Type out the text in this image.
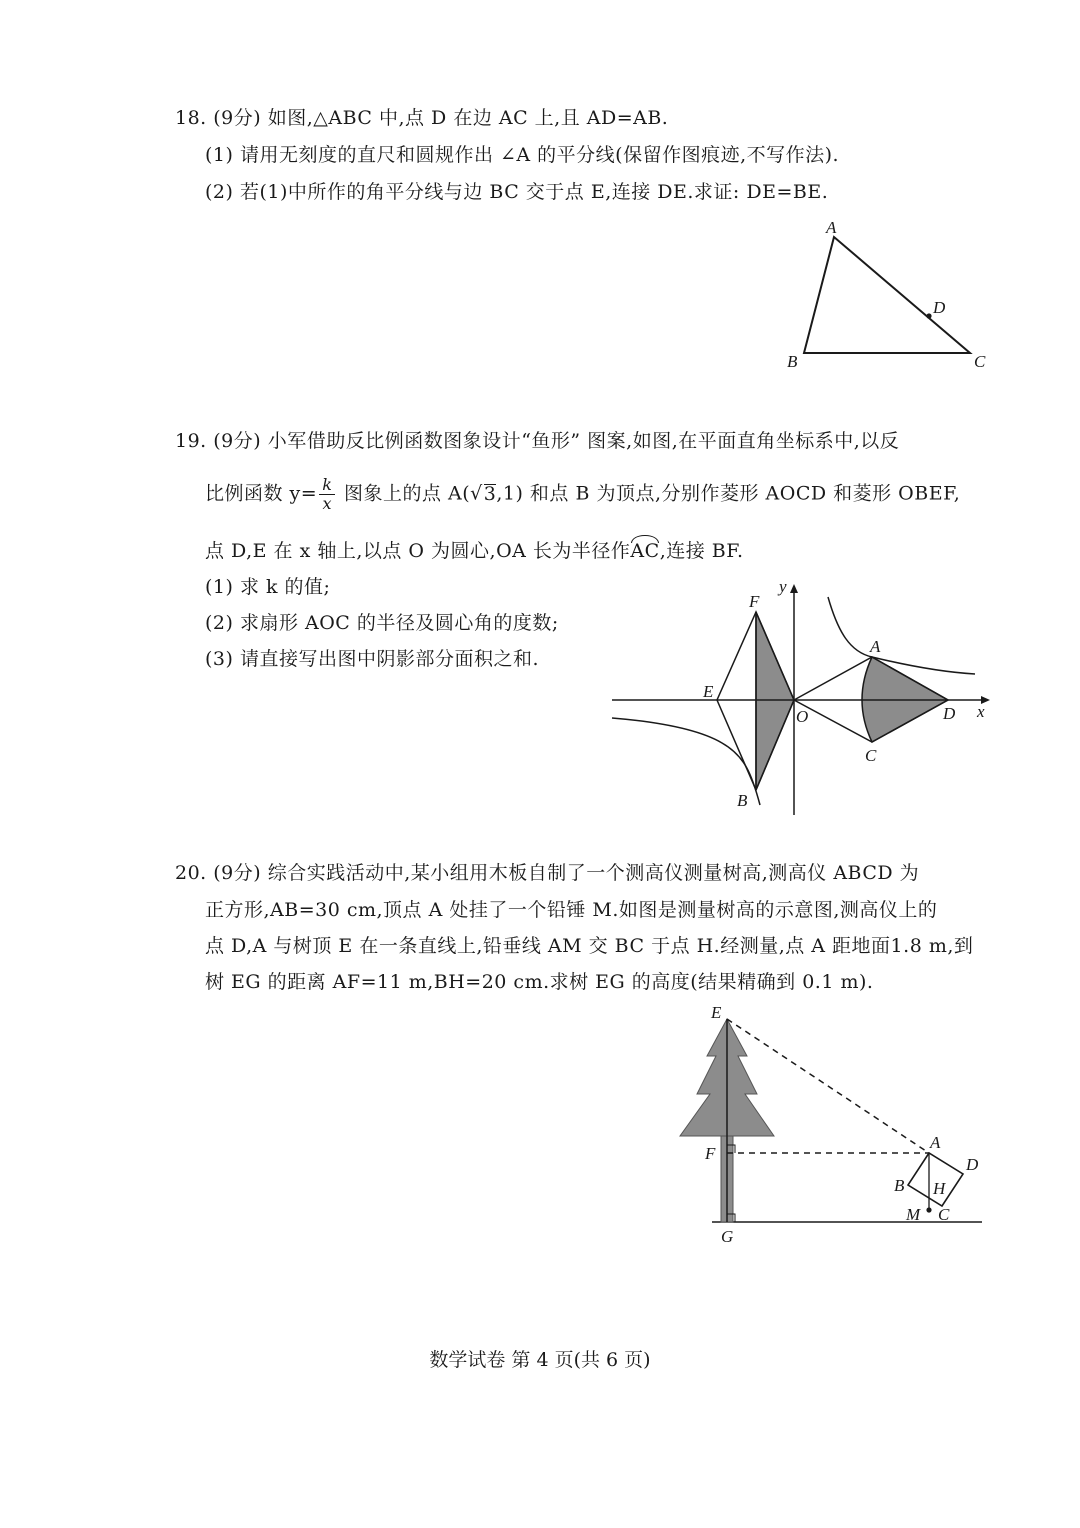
18. (9分) 如图,△ABC 中,点 D 在边 AC 上,且 AD=AB.
(1) 请用无刻度的直尺和圆规作出 ∠A 的平分线(保留作图痕迹,不写作法).
(2) 若(1)中所作的角平分线与边 BC 交于点 E,连接 DE.求证: DE=BE.
A
B	C
D
19. (9分) 小军借助反比例函数图象设计“鱼形” 图案,如图,在平面直角坐标系中,以反
比例函数 $y= \frac{k}{x}$ 图象上的点 A(√3,1) 和点 B 为顶点,分别作菱形 AOCD 和菱形 OBEF,
点 D,E 在 x 轴上,以点 O 为圆心,OA 长为半径作AC,连接 BF.
(1) 求 k 的值;
(2) 求扇形 AOC 的半径及圆心角的度数;
(3) 请直接写出图中阴影部分面积之和.
F
y
A
E
O	D x
C
B
20. (9分) 综合实践活动中,某小组用木板自制了一个测高仪测量树高,测高仪 ABCD 为
正方形,AB=30 cm,顶点 A 处挂了一个铅锤 M.如图是测量树高的示意图,测高仪上的
点 D,A 与树顶 E 在一条直线上,铅垂线 AM 交 BC 于点 H.经测量,点 A 距地面1.8 m,到
树 EG 的距离 AF=11 m,BH=20 cm.求树 EG 的高度(结果精确到 0.1 m).
E
F
A
D
B H
M C
G
数学试卷 第 4 页(共 6 页)
